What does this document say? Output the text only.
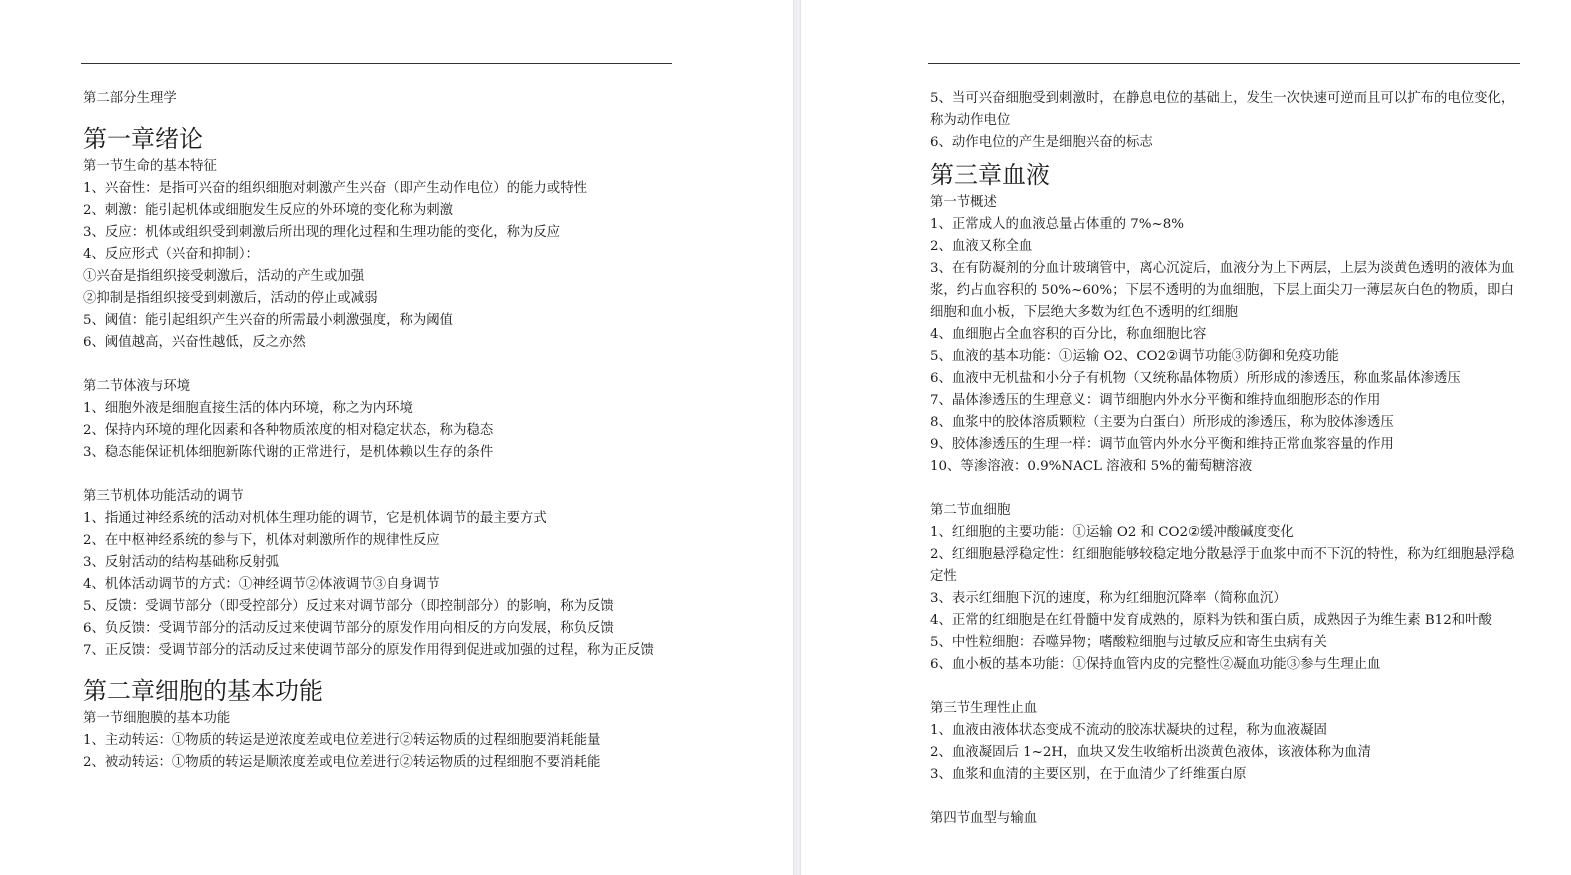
第二部分生理学

第一章绪论

第一节生命的基本特征

1、兴奋性：是指可兴奋的组织细胞对刺激产生兴奋（即产生动作电位）的能力或特性

2、刺激：能引起机体或细胞发生反应的外环境的变化称为刺激

3、反应：机体或组织受到刺激后所出现的理化过程和生理功能的变化，称为反应

4、反应形式（兴奋和抑制）：

①兴奋是指组织接受刺激后，活动的产生或加强

②抑制是指组织接受到刺激后，活动的停止或减弱

5、阈值：能引起组织产生兴奋的所需最小刺激强度，称为阈值

6、阈值越高，兴奋性越低，反之亦然

第二节体液与环境

1、细胞外液是细胞直接生活的体内环境，称之为内环境

2、保持内环境的理化因素和各种物质浓度的相对稳定状态，称为稳态

3、稳态能保证机体细胞新陈代谢的正常进行，是机体赖以生存的条件

第三节机体功能活动的调节

1、指通过神经系统的活动对机体生理功能的调节，它是机体调节的最主要方式

2、在中枢神经系统的参与下，机体对刺激所作的规律性反应

3、反射活动的结构基础称反射弧

4、机体活动调节的方式：①神经调节②体液调节③自身调节

5、反馈：受调节部分（即受控部分）反过来对调节部分（即控制部分）的影响，称为反馈

6、负反馈：受调节部分的活动反过来使调节部分的原发作用向相反的方向发展，称负反馈

7、正反馈：受调节部分的活动反过来使调节部分的原发作用得到促进或加强的过程，称为正反馈

第二章细胞的基本功能

第一节细胞膜的基本功能

1、主动转运：①物质的转运是逆浓度差或电位差进行②转运物质的过程细胞要消耗能量

2、被动转运：①物质的转运是顺浓度差或电位差进行②转运物质的过程细胞不要消耗能

5、当可兴奋细胞受到刺激时，在静息电位的基础上，发生一次快速可逆而且可以扩布的电位变化，称为动作电位

6、动作电位的产生是细胞兴奋的标志

第三章血液

第一节概述

1、正常成人的血液总量占体重的 7%~8%

2、血液又称全血

3、在有防凝剂的分血计玻璃管中，离心沉淀后，血液分为上下两层，上层为淡黄色透明的液体为血浆，约占血容积的 50%~60%；下层不透明的为血细胞，下层上面尖刀一薄层灰白色的物质，即白细胞和血小板，下层绝大多数为红色不透明的红细胞

4、血细胞占全血容积的百分比，称血细胞比容

5、血液的基本功能：①运输 O2、CO2②调节功能③防御和免疫功能

6、血液中无机盐和小分子有机物（又统称晶体物质）所形成的渗透压，称血浆晶体渗透压

7、晶体渗透压的生理意义：调节细胞内外水分平衡和维持血细胞形态的作用

8、血浆中的胶体溶质颗粒（主要为白蛋白）所形成的渗透压，称为胶体渗透压

9、胶体渗透压的生理一样：调节血管内外水分平衡和维持正常血浆容量的作用

10、等渗溶液：0.9%NACL 溶液和 5%的葡萄糖溶液

第二节血细胞

1、红细胞的主要功能：①运输 O2 和 CO2②缓冲酸碱度变化

2、红细胞悬浮稳定性：红细胞能够较稳定地分散悬浮于血浆中而不下沉的特性，称为红细胞悬浮稳定性

3、表示红细胞下沉的速度，称为红细胞沉降率（简称血沉）

4、正常的红细胞是在红骨髓中发育成熟的，原料为铁和蛋白质，成熟因子为维生素 B12和叶酸

5、中性粒细胞：吞噬异物；嗜酸粒细胞与过敏反应和寄生虫病有关

6、血小板的基本功能：①保持血管内皮的完整性②凝血功能③参与生理止血

第三节生理性止血

1、血液由液体状态变成不流动的胶冻状凝块的过程，称为血液凝固

2、血液凝固后 1~2H，血块又发生收缩析出淡黄色液体，该液体称为血清

3、血浆和血清的主要区别，在于血清少了纤维蛋白原

第四节血型与输血
